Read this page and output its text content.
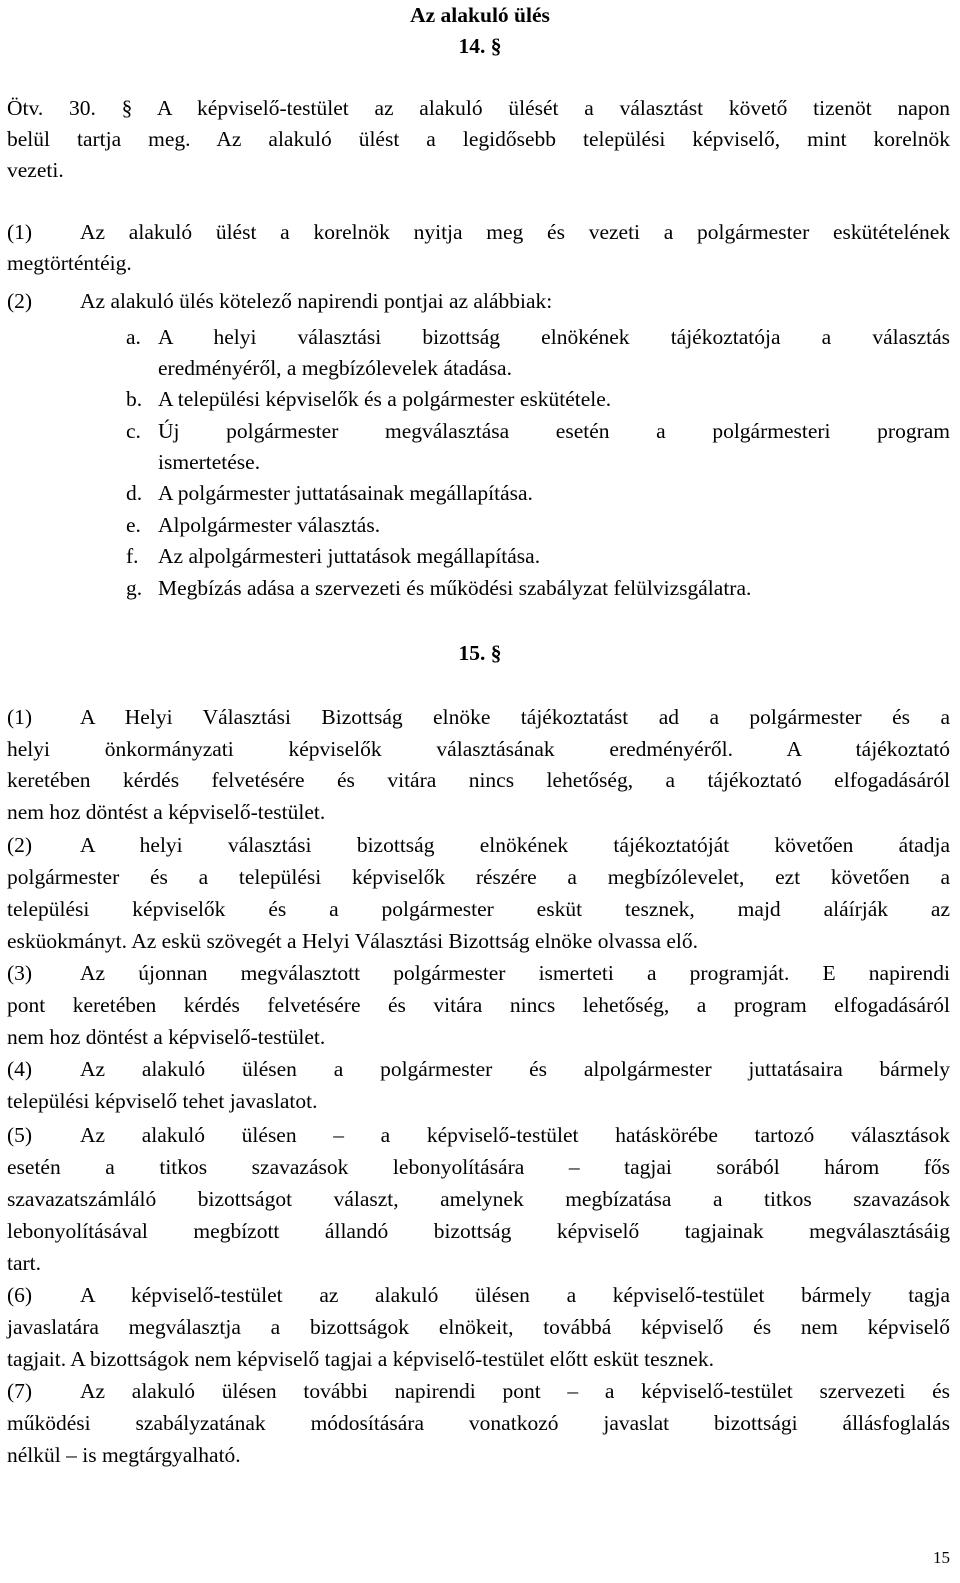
Az alakuló ülés
14. §
Ötv. 30. § A képviselő-testület az alakuló ülését a választást követő tizenöt napon
belül tartja meg. Az alakuló ülést a legidősebb települési képviselő, mint korelnök
vezeti.
(1) Az alakuló ülést a korelnök nyitja meg és vezeti a polgármester eskütételének
megtörténtéig.
(2) Az alakuló ülés kötelező napirendi pontjai az alábbiak:
a. A helyi választási bizottság elnökének tájékoztatója a választás
eredményéről, a megbízólevelek átadása.
b. A települési képviselők és a polgármester eskütétele.
c. Új polgármester megválasztása esetén a polgármesteri program
ismertetése.
d. A polgármester juttatásainak megállapítása.
e. Alpolgármester választás.
f. Az alpolgármesteri juttatások megállapítása.
g. Megbízás adása a szervezeti és működési szabályzat felülvizsgálatra.
15. §
(1) A Helyi Választási Bizottság elnöke tájékoztatást ad a polgármester és a
helyi önkormányzati képviselők választásának eredményéről. A tájékoztató
keretében kérdés felvetésére és vitára nincs lehetőség, a tájékoztató elfogadásáról
nem hoz döntést a képviselő-testület.
(2) A helyi választási bizottság elnökének tájékoztatóját követően átadja
polgármester és a települési képviselők részére a megbízólevelet, ezt követően a
települési képviselők és a polgármester esküt tesznek, majd aláírják az
esküokmányt. Az eskü szövegét a Helyi Választási Bizottság elnöke olvassa elő.
(3) Az újonnan megválasztott polgármester ismerteti a programját. E napirendi
pont keretében kérdés felvetésére és vitára nincs lehetőség, a program elfogadásáról
nem hoz döntést a képviselő-testület.
(4) Az alakuló ülésen a polgármester és alpolgármester juttatásaira bármely
települési képviselő tehet javaslatot.
(5) Az alakuló ülésen – a képviselő-testület hatáskörébe tartozó választások
esetén a titkos szavazások lebonyolítására – tagjai sorából három fős
szavazatszámláló bizottságot választ, amelynek megbízatása a titkos szavazások
lebonyolításával megbízott állandó bizottság képviselő tagjainak megválasztásáig
tart.
(6) A képviselő-testület az alakuló ülésen a képviselő-testület bármely tagja
javaslatára megválasztja a bizottságok elnökeit, továbbá képviselő és nem képviselő
tagjait. A bizottságok nem képviselő tagjai a képviselő-testület előtt esküt tesznek.
(7) Az alakuló ülésen további napirendi pont – a képviselő-testület szervezeti és
működési szabályzatának módosítására vonatkozó javaslat bizottsági állásfoglalás
nélkül – is megtárgyalható.
15
